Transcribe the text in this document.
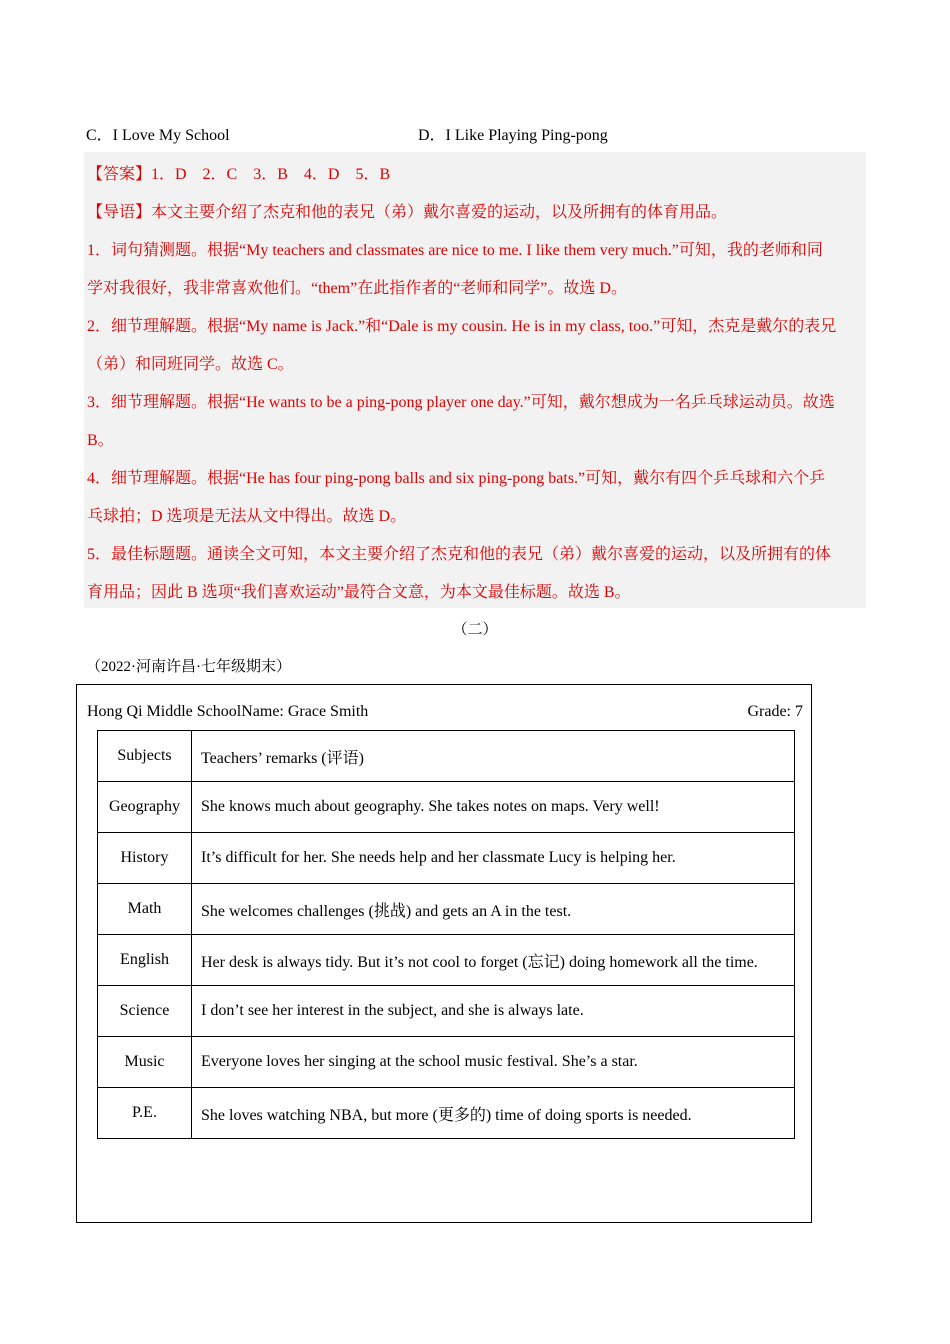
C．I Love My School	D．I Like Playing Ping-pong
【答案】1．D　2．C　3．B　4．D　5．B
【导语】本文主要介绍了杰克和他的表兄（弟）戴尔喜爱的运动，以及所拥有的体育用品。
1．词句猜测题。根据“My teachers and classmates are nice to me. I like them very much.”可知，我的老师和同
学对我很好，我非常喜欢他们。“them”在此指作者的“老师和同学”。故选 D。
2．细节理解题。根据“My name is Jack.”和“Dale is my cousin. He is in my class, too.”可知，杰克是戴尔的表兄
（弟）和同班同学。故选 C。
3．细节理解题。根据“He wants to be a ping-pong player one day.”可知，戴尔想成为一名乒乓球运动员。故选
B。
4．细节理解题。根据“He has four ping-pong balls and six ping-pong bats.”可知，戴尔有四个乒乓球和六个乒
乓球拍；D 选项是无法从文中得出。故选 D。
5．最佳标题题。通读全文可知，本文主要介绍了杰克和他的表兄（弟）戴尔喜爱的运动，以及所拥有的体
育用品；因此 B 选项“我们喜欢运动”最符合文意，为本文最佳标题。故选 B。
（二）
（2022·河南许昌·七年级期末）
Hong Qi Middle SchoolName: Grace Smith	Grade: 7
Subjects	Teachers’ remarks (评语)
Geography	She knows much about geography. She takes notes on maps. Very well!
History	It’s difficult for her. She needs help and her classmate Lucy is helping her.
Math	She welcomes challenges (挑战) and gets an A in the test.
English	Her desk is always tidy. But it’s not cool to forget (忘记) doing homework all the time.
Science	I don’t see her interest in the subject, and she is always late.
Music	Everyone loves her singing at the school music festival. She’s a star.
P.E.	She loves watching NBA, but more (更多的) time of doing sports is needed.
